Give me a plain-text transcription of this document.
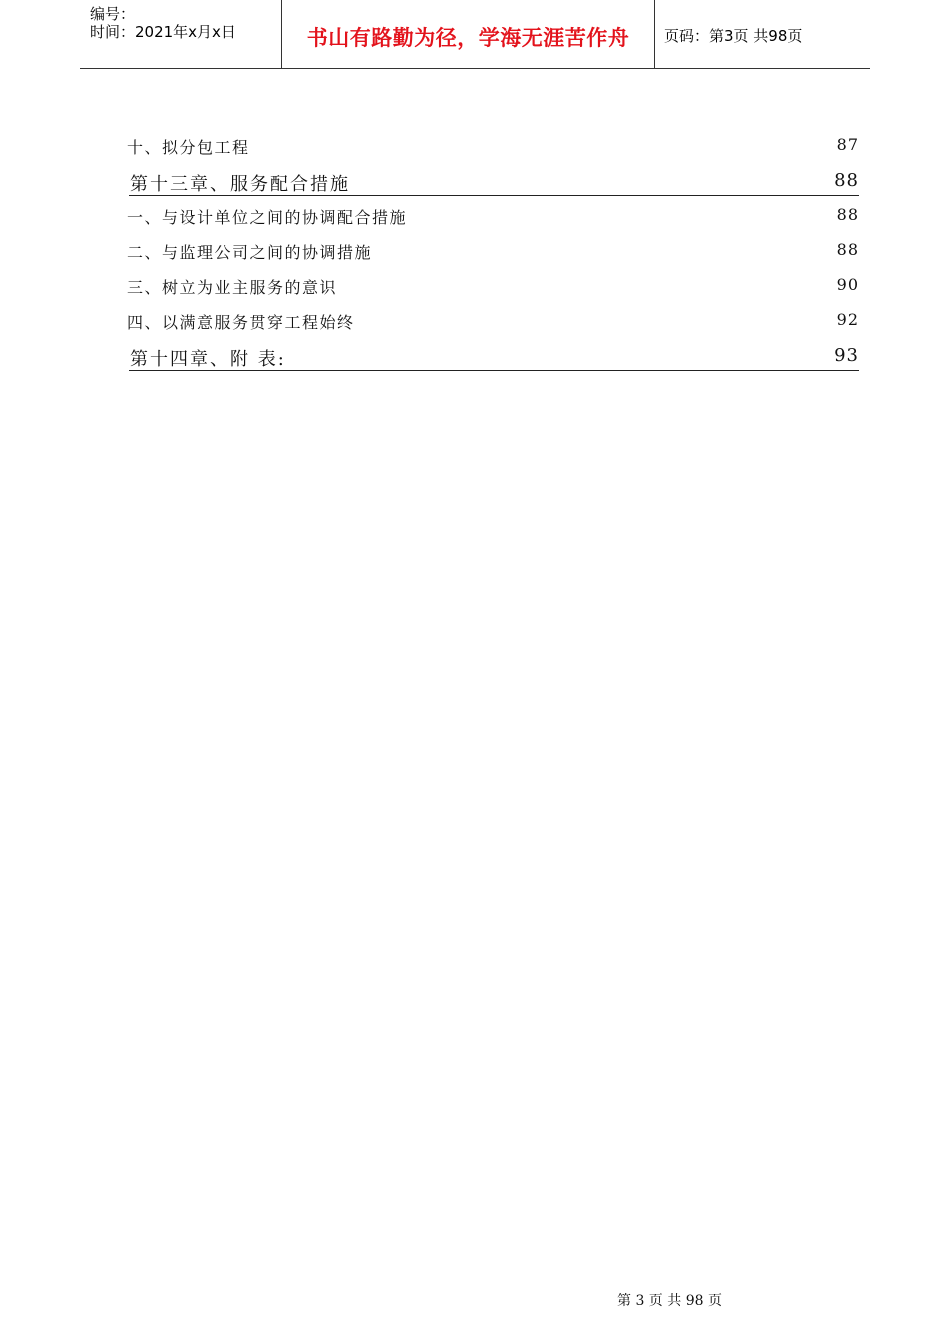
编号：
时间：2021年x月x日	书山有路勤为径，学海无涯苦作舟	页码：第3页 共98页
十、拟分包工程	87
第十三章、服务配合措施	88
一、与设计单位之间的协调配合措施	88
二、与监理公司之间的协调措施	88
三、树立为业主服务的意识	90
四、以满意服务贯穿工程始终	92
第十四章、附 表:	93
第 3 页 共 98 页
